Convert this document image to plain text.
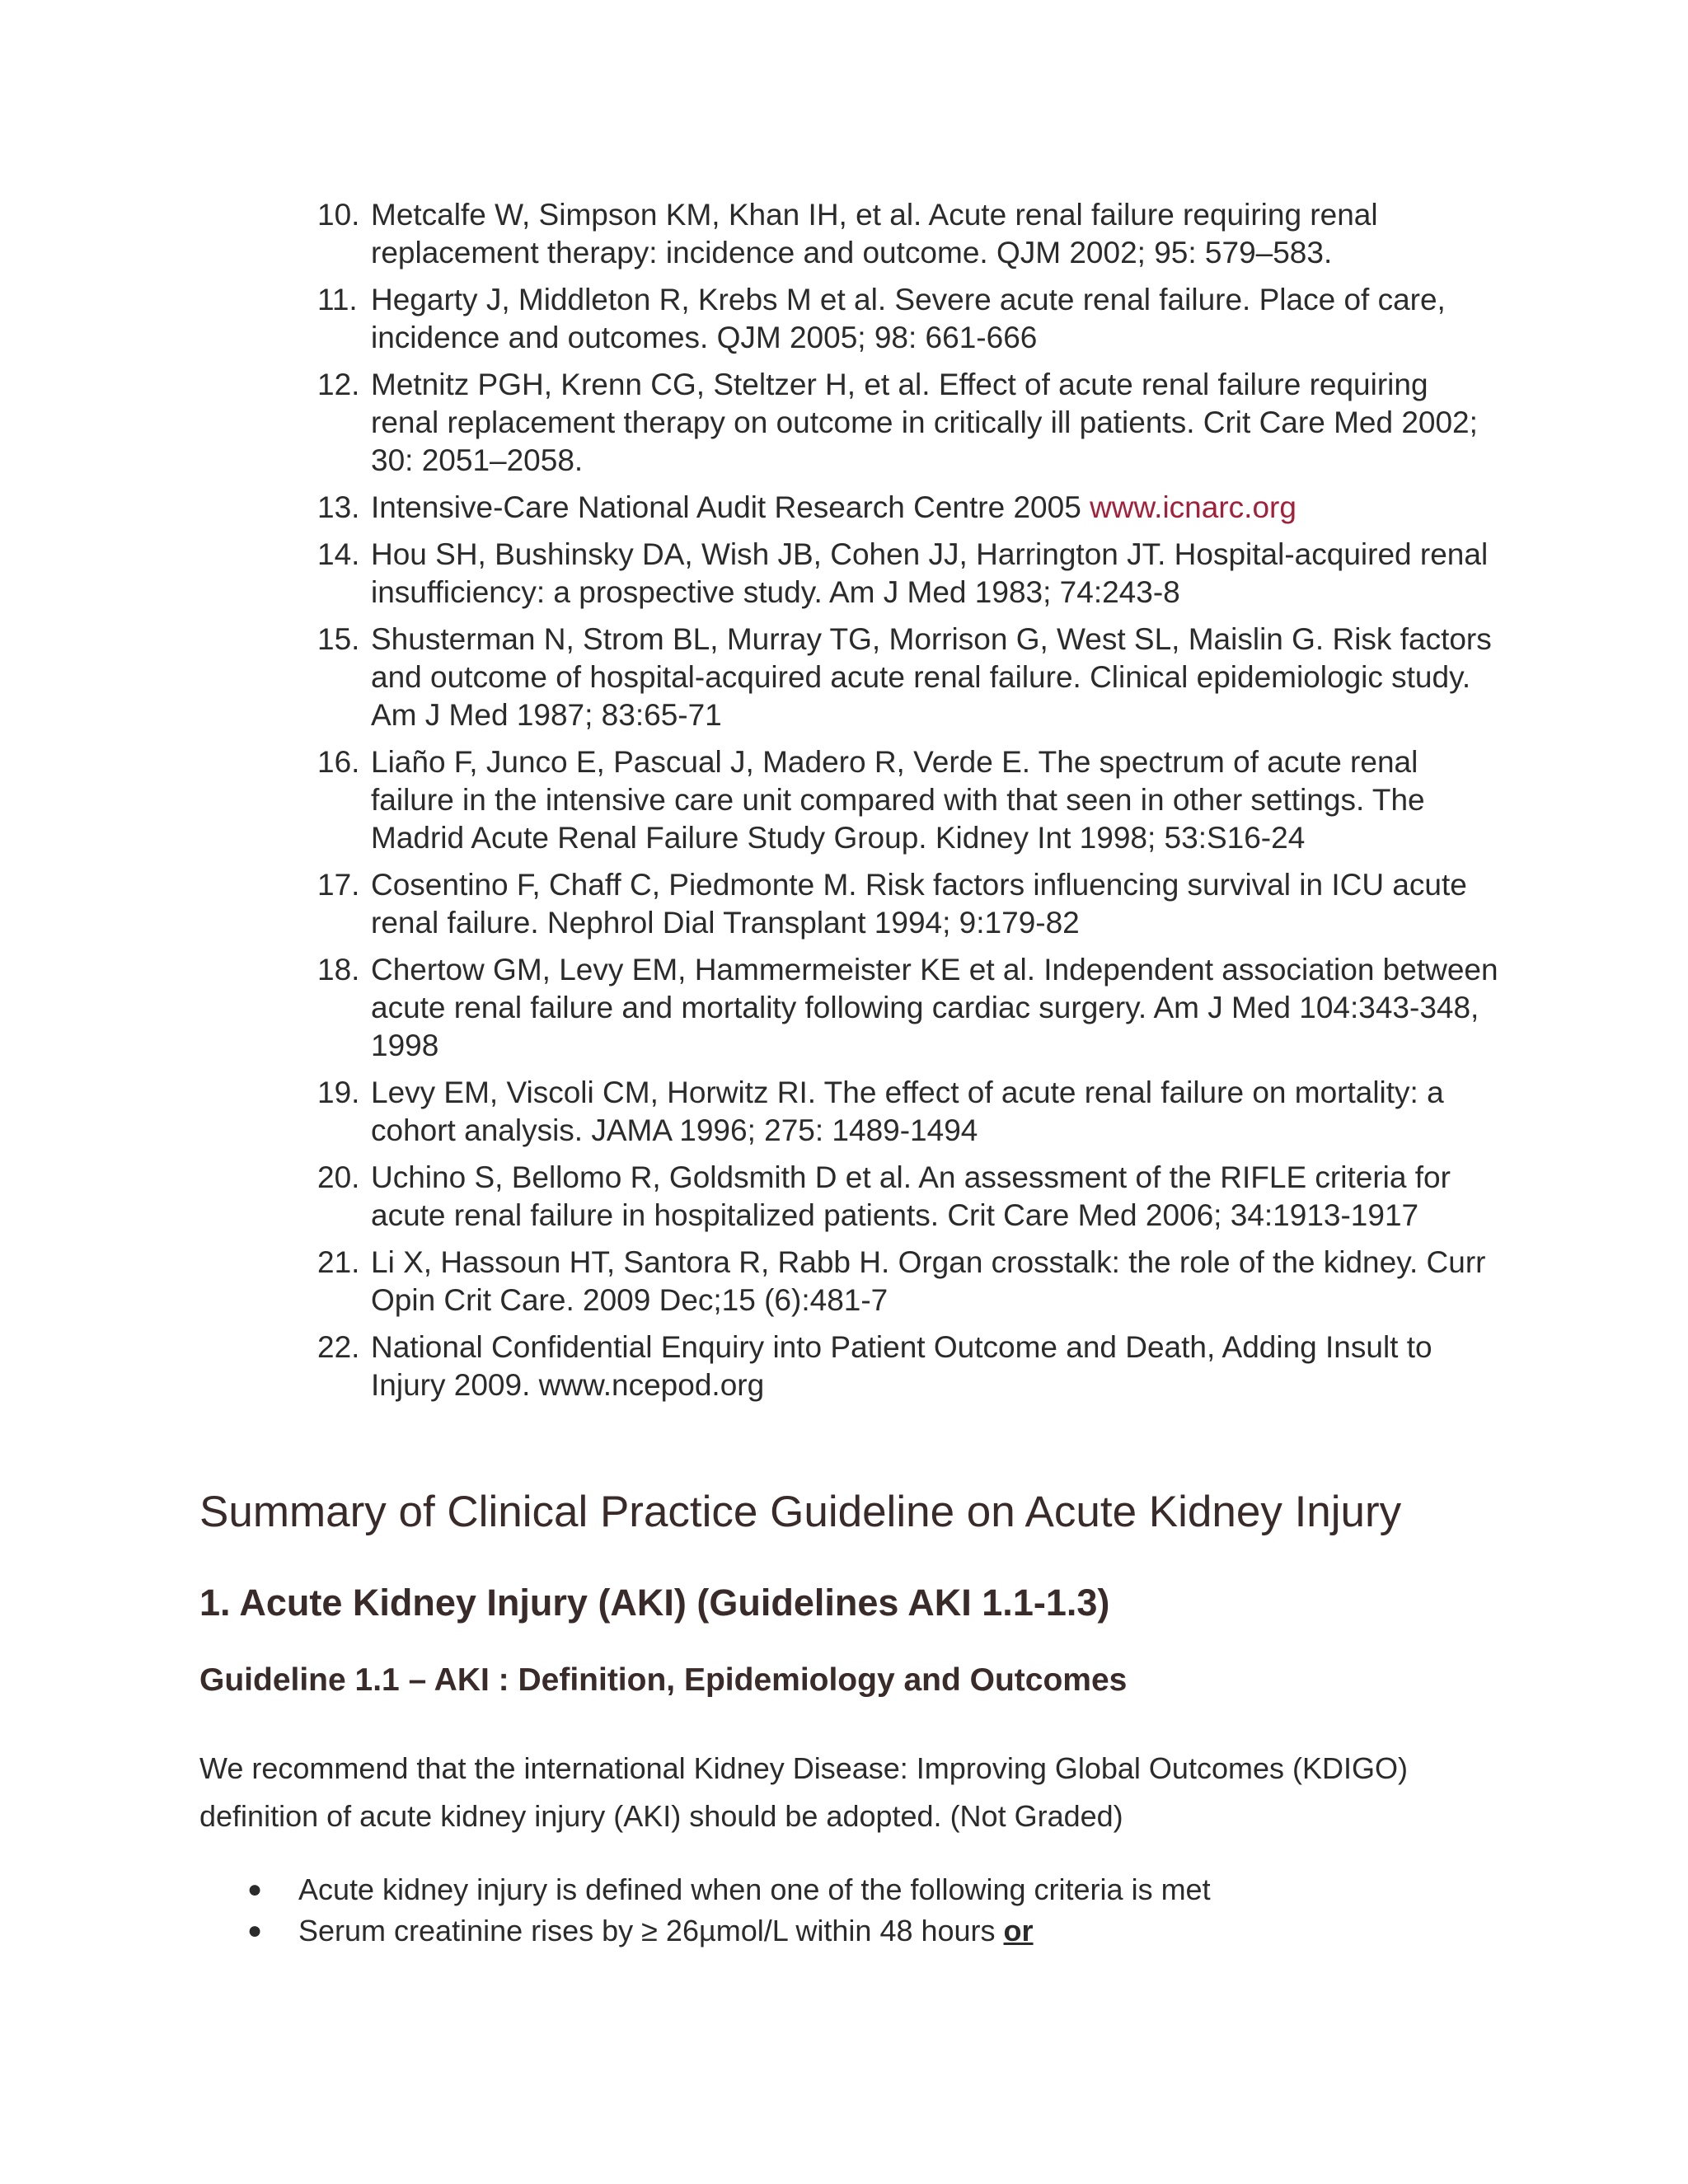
10. Metcalfe W, Simpson KM, Khan IH, et al. Acute renal failure requiring renal replacement therapy: incidence and outcome. QJM 2002; 95: 579–583.
11. Hegarty J, Middleton R, Krebs M et al. Severe acute renal failure. Place of care, incidence and outcomes. QJM 2005; 98: 661-666
12. Metnitz PGH, Krenn CG, Steltzer H, et al. Effect of acute renal failure requiring renal replacement therapy on outcome in critically ill patients. Crit Care Med 2002; 30: 2051–2058.
13. Intensive-Care National Audit Research Centre 2005 www.icnarc.org
14. Hou SH, Bushinsky DA, Wish JB, Cohen JJ, Harrington JT. Hospital-acquired renal insufficiency: a prospective study. Am J Med 1983; 74:243-8
15. Shusterman N, Strom BL, Murray TG, Morrison G, West SL, Maislin G. Risk factors and outcome of hospital-acquired acute renal failure. Clinical epidemiologic study. Am J Med 1987; 83:65-71
16. Liaño F, Junco E, Pascual J, Madero R, Verde E. The spectrum of acute renal failure in the intensive care unit compared with that seen in other settings. The Madrid Acute Renal Failure Study Group. Kidney Int 1998; 53:S16-24
17. Cosentino F, Chaff C, Piedmonte M. Risk factors influencing survival in ICU acute renal failure. Nephrol Dial Transplant 1994; 9:179-82
18. Chertow GM, Levy EM, Hammermeister KE et al. Independent association between acute renal failure and mortality following cardiac surgery. Am J Med 104:343-348, 1998
19. Levy EM, Viscoli CM, Horwitz RI. The effect of acute renal failure on mortality: a cohort analysis. JAMA 1996; 275: 1489-1494
20. Uchino S, Bellomo R, Goldsmith D et al. An assessment of the RIFLE criteria for acute renal failure in hospitalized patients. Crit Care Med 2006; 34:1913-1917
21. Li X, Hassoun HT, Santora R, Rabb H. Organ crosstalk: the role of the kidney. Curr Opin Crit Care. 2009 Dec;15 (6):481-7
22. National Confidential Enquiry into Patient Outcome and Death, Adding Insult to Injury 2009. www.ncepod.org
Summary of Clinical Practice Guideline on Acute Kidney Injury
1. Acute Kidney Injury (AKI) (Guidelines AKI 1.1-1.3)
Guideline 1.1 – AKI : Definition, Epidemiology and Outcomes

We recommend that the international Kidney Disease: Improving Global Outcomes (KDIGO) definition of acute kidney injury (AKI) should be adopted. (Not Graded)

●	Acute kidney injury is defined when one of the following criteria is met
●	Serum creatinine rises by ≥ 26µmol/L within 48 hours or
